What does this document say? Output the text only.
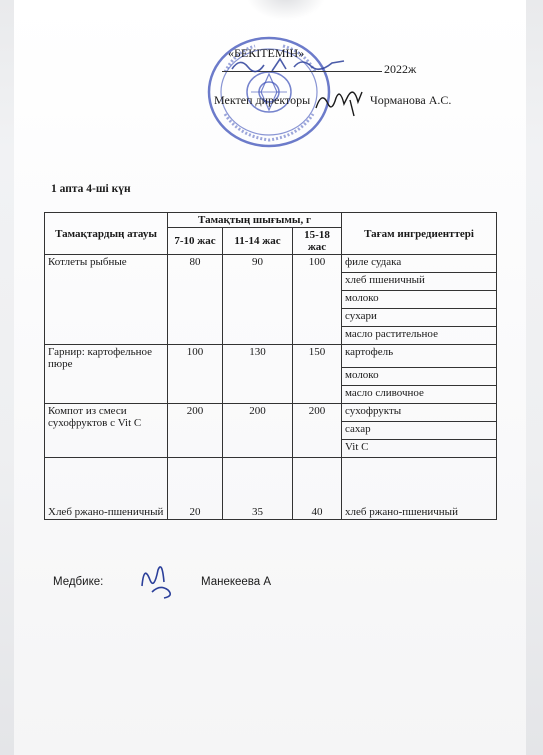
«БЕКІТЕМІН»
2022ж
Мектеп директоры	Чорманова А.С.
1 апта 4-ші күн
Тамақтардың атауы	Тамақтың шығымы, г			Тағам ингредиенттері
	7-10 жас	11-14 жас	15-18 жас	
Котлеты рыбные	80	90	100	филе судака
				хлеб пшеничный
				молоко
				сухари
				масло растительное
Гарнир: картофельное пюре	100	130	150	картофель
				молоко
				масло сливочное
Компот из смеси сухофруктов с Vit C	200	200	200	сухофрукты
				сахар
				Vit C
Хлеб ржано-пшеничный	20	35	40	хлеб ржано-пшеничный
Медбике:	Манекеева А
